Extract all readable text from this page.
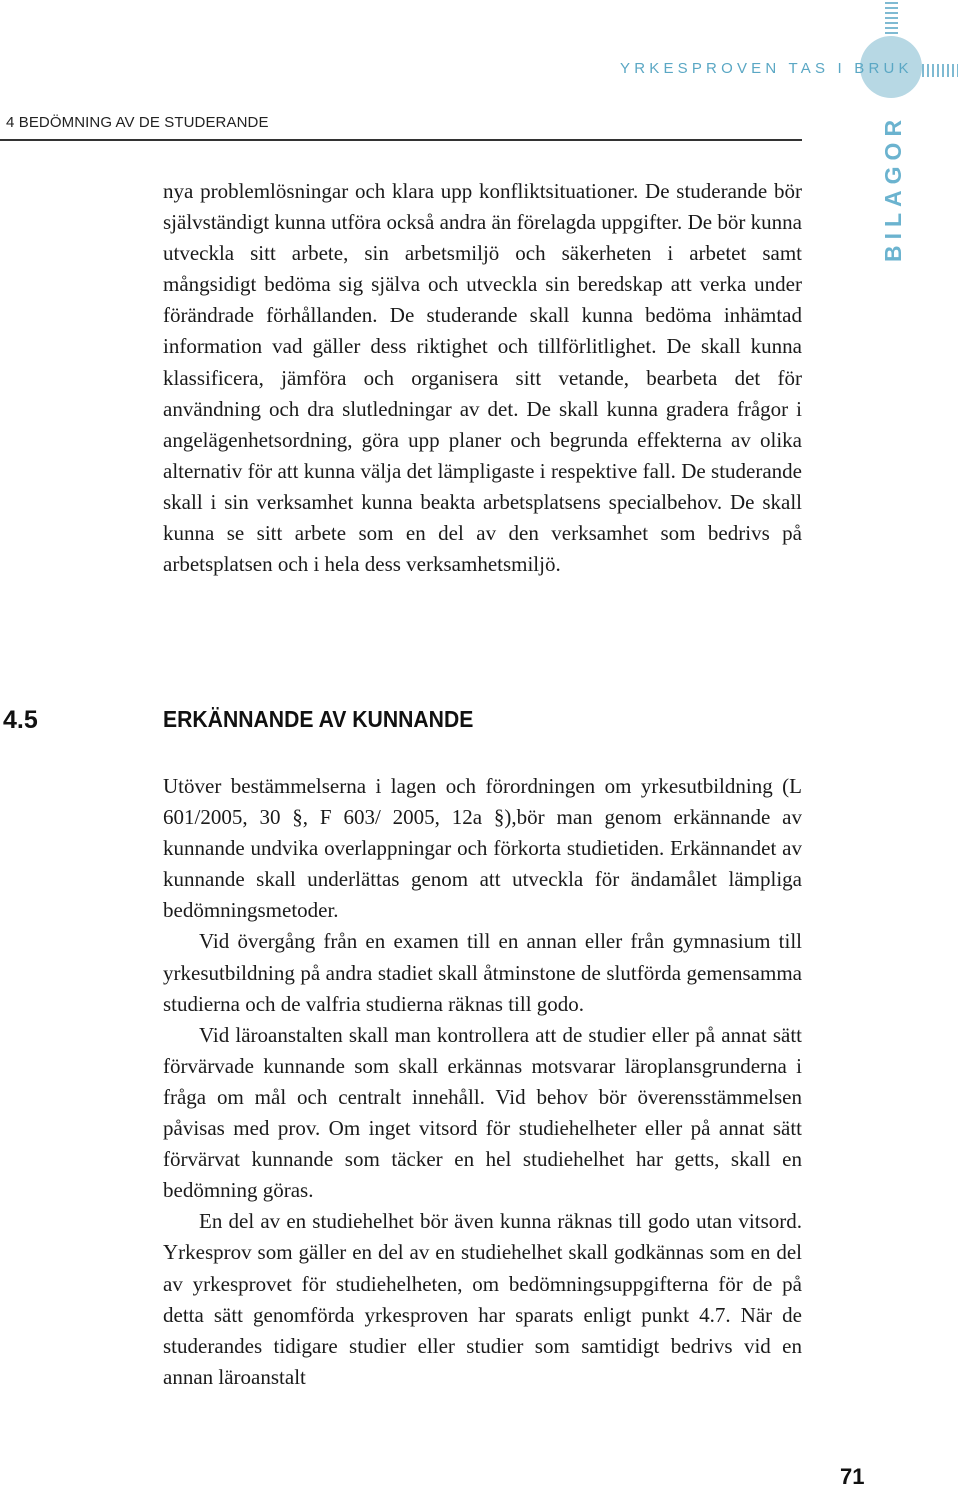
YRKESPROVEN TAS I BRUK
BILAGOR
4 BEDÖMNING AV DE STUDERANDE

nya problemlösningar och klara upp konfliktsituationer. De studerande bör självständigt kunna utföra också andra än förelagda uppgifter. De bör kunna utveckla sitt arbete, sin arbetsmiljö och säkerheten i arbetet samt mångsidigt bedöma sig själva och utveckla sin beredskap att verka under förändrade förhållanden. De studerande skall kunna bedöma inhämtad information vad gäller dess riktighet och tillförlitlighet. De skall kunna klassificera, jämföra och organisera sitt vetande, bearbeta det för användning och dra slutledningar av det. De skall kunna gradera frågor i angelägenhetsordning, göra upp planer och begrunda effekterna av olika alternativ för att kunna välja det lämpligaste i respektive fall. De studerande skall i sin verksamhet kunna beakta arbetsplatsens specialbehov. De skall kunna se sitt arbete som en del av den verksamhet som bedrivs på arbetsplatsen och i hela dess verksamhetsmiljö.

4.5	ERKÄNNANDE AV KUNNANDE

Utöver bestämmelserna i lagen och förordningen om yrkesutbildning (L 601/2005, 30 §, F 603/ 2005, 12a §),bör man genom erkännande av kunnande undvika overlappningar och förkorta studietiden. Erkännandet av kunnande skall underlättas genom att utveckla för ändamålet lämpliga bedömningsmetoder.

Vid övergång från en examen till en annan eller från gymnasium till yrkesutbildning på andra stadiet skall åtminstone de slutförda gemensamma studierna och de valfria studierna räknas till godo.

Vid läroanstalten skall man kontrollera att de studier eller på annat sätt förvärvade kunnande som skall erkännas motsvarar läroplansgrunderna i fråga om mål och centralt innehåll. Vid behov bör överensstämmelsen påvisas med prov. Om inget vitsord för studiehelheter eller på annat sätt förvärvat kunnande som täcker en hel studiehelhet har getts, skall en bedömning göras.

En del av en studiehelhet bör även kunna räknas till godo utan vitsord. Yrkesprov som gäller en del av en studiehelhet skall godkännas som en del av yrkesprovet för studiehelheten, om bedömningsuppgifterna för de på detta sätt genomförda yrkesproven har sparats enligt punkt 4.7. När de studerandes tidigare studier eller studier som samtidigt bedrivs vid en annan läroanstalt

71
